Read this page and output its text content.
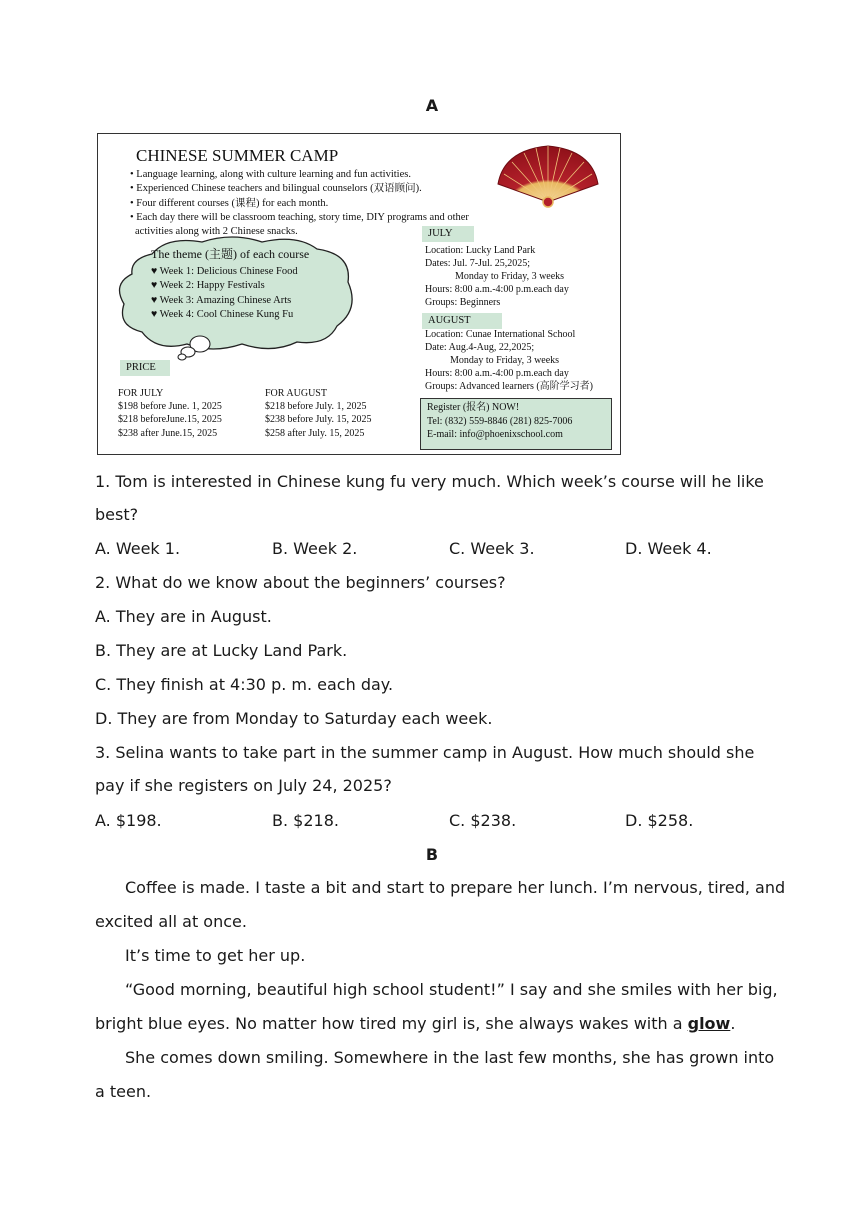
A
CHINESE SUMMER CAMP
• Language learning, along with culture learning and fun activities.
• Experienced Chinese teachers and bilingual counselors (双语顾问).
• Four different courses (课程) for each month.
• Each day there will be classroom teaching, story time, DIY programs and other
activities along with 2 Chinese snacks.
The theme (主题) of each course
♥ Week 1: Delicious Chinese Food
♥ Week 2: Happy Festivals
♥ Week 3: Amazing Chinese Arts
♥ Week 4: Cool Chinese Kung Fu
JULY
Location: Lucky Land Park
Dates: Jul. 7-Jul. 25,2025;
Monday to Friday, 3 weeks
Hours: 8:00 a.m.-4:00 p.m.each day
Groups: Beginners
AUGUST
Location: Cunae International School
Date: Aug.4-Aug, 22,2025;
Monday to Friday, 3 weeks
Hours: 8:00 a.m.-4:00 p.m.each day
Groups: Advanced learners (高阶学习者)
PRICE
FOR JULY
$198 before June. 1, 2025
$218 beforeJune.15, 2025
$238 after June.15, 2025
FOR AUGUST
$218 before July. 1, 2025
$238 before July. 15, 2025
$258 after July. 15, 2025
Register (报名) NOW!
Tel: (832) 559-8846 (281) 825-7006
E-mail: info@phoenixschool.com
1. Tom is interested in Chinese kung fu very much. Which week’s course will he like
best?
A. Week 1.	B. Week 2.	C. Week 3.	D. Week 4.
2. What do we know about the beginners’ courses?
A. They are in August.
B. They are at Lucky Land Park.
C. They finish at 4:30 p. m. each day.
D. They are from Monday to Saturday each week.
3. Selina wants to take part in the summer camp in August. How much should she
pay if she registers on July 24, 2025?
A. $198.	B. $218.	C. $238.	D. $258.
B
Coffee is made. I taste a bit and start to prepare her lunch. I’m nervous, tired, and
excited all at once.
It’s time to get her up.
“Good morning, beautiful high school student!” I say and she smiles with her big,
bright blue eyes. No matter how tired my girl is, she always wakes with a glow.
She comes down smiling. Somewhere in the last few months, she has grown into
a teen.
